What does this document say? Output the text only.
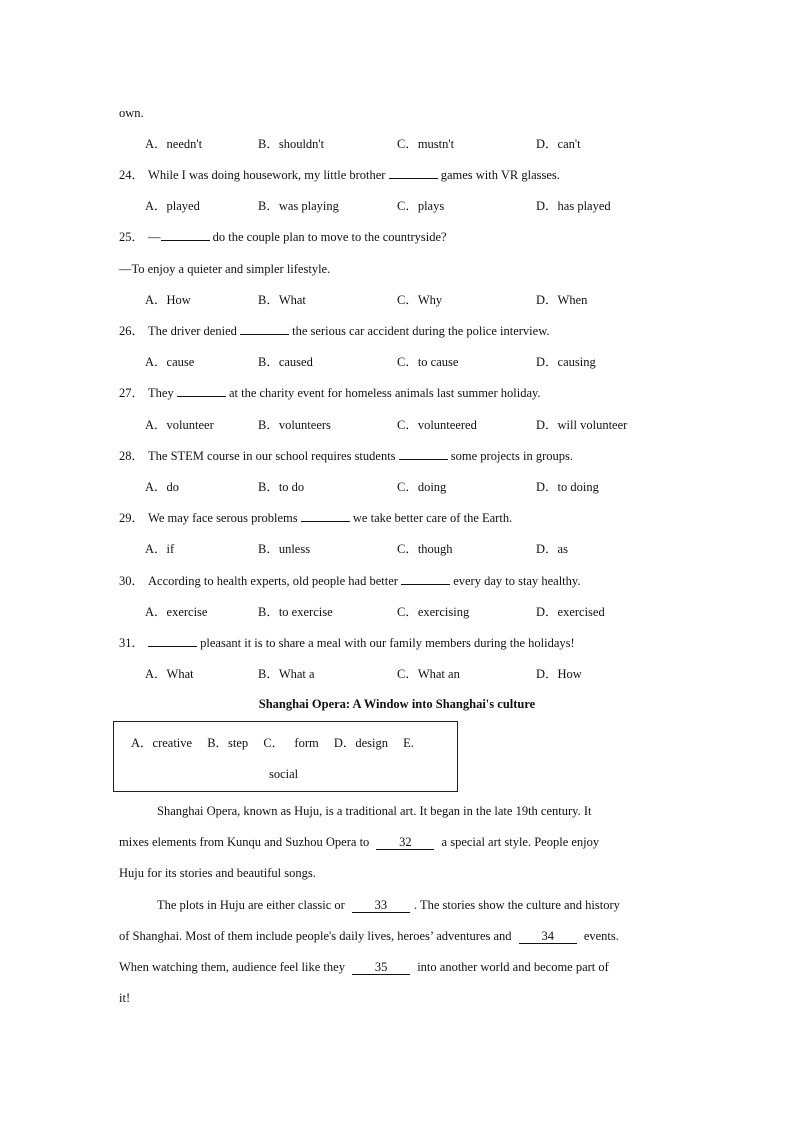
own.
A．needn't	B．shouldn't	C．mustn't	D．can't
24． While I was doing housework, my little brother	games with VR glasses.
A．played	B．was playing	C．plays	D．has played
25． —	do the couple plan to move to the countryside?
—To enjoy a quieter and simpler lifestyle.
A．How	B．What	C．Why	D．When
26． The driver denied	the serious car accident during the police interview.
A．cause	B．caused	C．to cause	D．causing
27． They	at the charity event for homeless animals last summer holiday.
A．volunteer	B．volunteers	C．volunteered	D．will volunteer
28． The STEM course in our school requires students	some projects in groups.
A．do	B．to do	C．doing	D．to doing
29． We may face serous problems	we take better care of the Earth.
A．if	B．unless	C．though	D．as
30． According to health experts, old people had better	every day to stay healthy.
A．exercise	B．to exercise	C．exercising	D．exercised
31．	pleasant it is to share a meal with our family members during the holidays!
A．What	B．What a	C．What an	D．How
Shanghai Opera: A Window into Shanghai's culture
A．creative B．step C．  form D．design E.
social
Shanghai Opera, known as Huju, is a traditional art. It began in the late 19th century. It
mixes elements from Kunqu and Suzhou Opera to 32 a special art style. People enjoy
Huju for its stories and beautiful songs.
The plots in Huju are either classic or 33 . The stories show the culture and history
of Shanghai. Most of them include people's daily lives, heroes’ adventures and 34 events.
When watching them, audience feel like they 35 into another world and become part of
it!
